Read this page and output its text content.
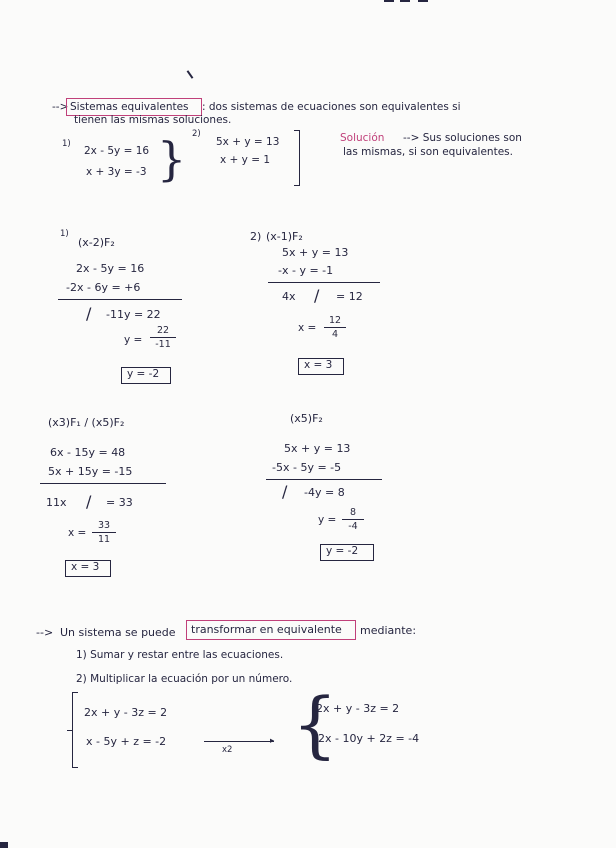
--> Sistemas equivalentes : dos sistemas de ecuaciones son equivalentes si
tienen las mismas soluciones.
1)
2x - 5y = 16
x + 3y = -3 } 2)
5x + y = 13
x + y = 1
Solución --> Sus soluciones son
las mismas, si son equivalentes.
1)
(x-2)F₂
2x - 5y = 16
-2x - 6y = +6
/ -11y = 22
y =
22
-11
y = -2
2) (x-1)F₂
5x + y = 13
-x - y = -1
4x / = 12
x =
12
4
x = 3
(x3)F₁ / (x5)F₂
6x - 15y = 48
5x + 15y = -15
11x / = 33
x =
33
11
x = 3
(x5)F₂
5x + y = 13
-5x - 5y = -5
/ -4y = 8
y =
8
-4
y = -2
--> Un sistema se puede transformar en equivalente mediante:
1) Sumar y restar entre las ecuaciones.
2) Multiplicar la ecuación por un número.
2x + y - 3z = 2
x - 5y + z = -2	▸
x2 {
2x + y - 3z = 2
2x - 10y + 2z = -4
